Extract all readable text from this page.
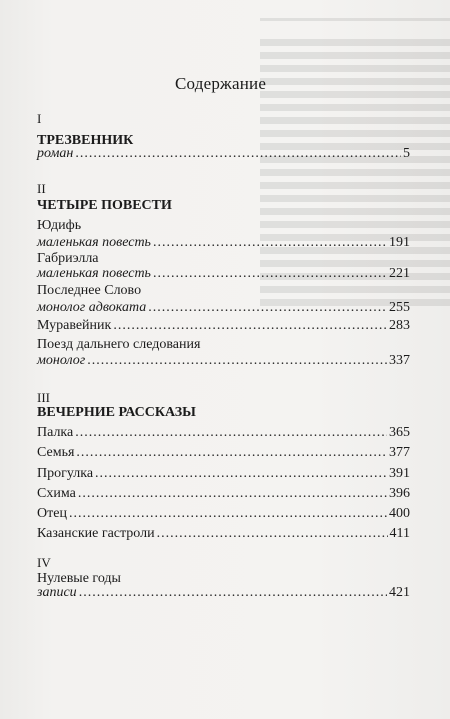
Содержание
I
ТРЕЗВЕННИК
роман .....	5
II
ЧЕТЫРЕ ПОВЕСТИ
Юдифь
маленькая повесть .....	191
Габриэлла
маленькая повесть .....	221
Последнее Слово
монолог адвоката .....	255
Муравейник .....	283
Поезд дальнего следования
монолог .....	337
III
ВЕЧЕРНИЕ РАССКАЗЫ
Палка .....	365
Семья .....	377
Прогулка .....	391
Схима .....	396
Отец .....	400
Казанские гастроли .....	411
IV
Нулевые годы
записи .....	421
